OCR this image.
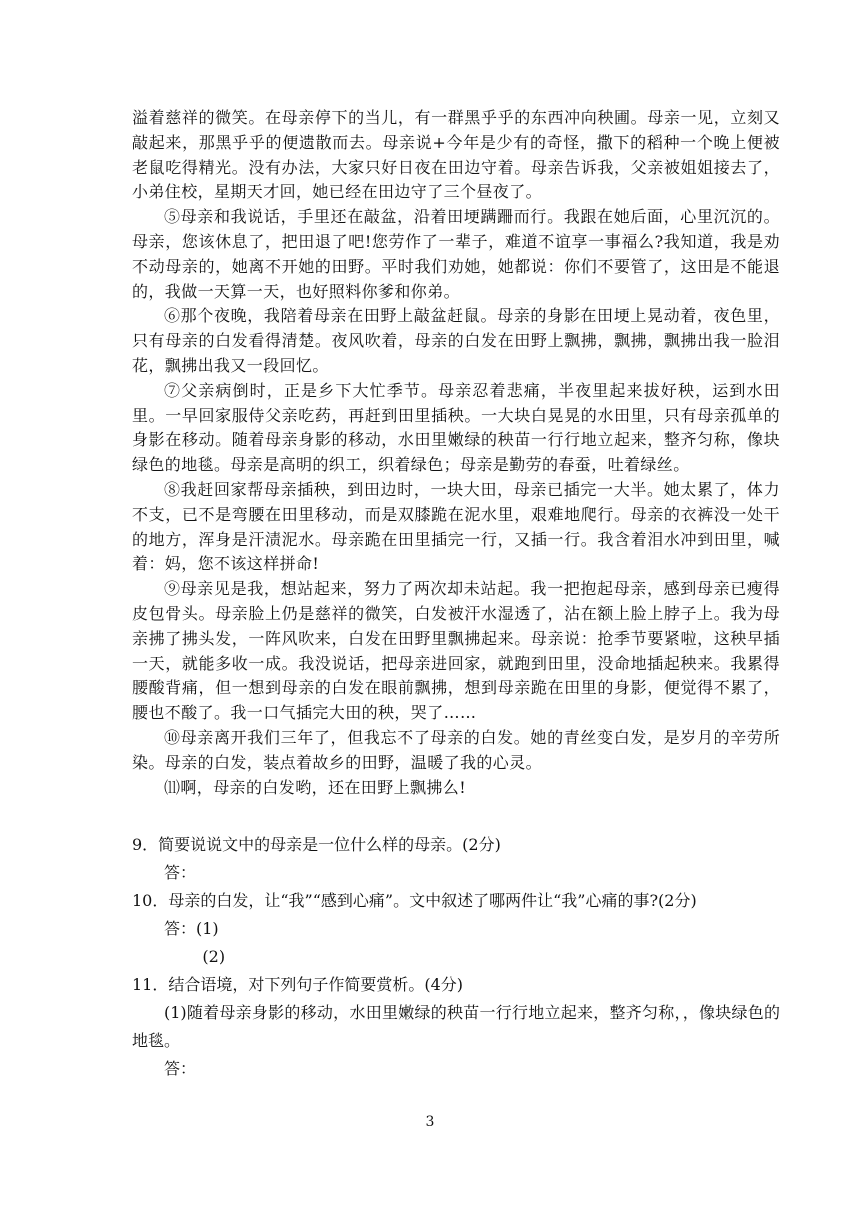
溢着慈祥的微笑。在母亲停下的当儿，有一群黑乎乎的东西冲向秧圃。母亲一见，立刻又敲起来，那黑乎乎的便遗散而去。母亲说+今年是少有的奇怪，撒下的稻种一个晚上便被老鼠吃得精光。没有办法，大家只好日夜在田边守着。母亲告诉我，父亲被姐姐接去了，小弟住校，星期天才回，她已经在田边守了三个昼夜了。

⑤母亲和我说话，手里还在敲盆，沿着田埂蹒跚而行。我跟在她后面，心里沉沉的。母亲，您该休息了，把田退了吧!您劳作了一辈子，难道不谊享一事福么?我知道，我是劝不动母亲的，她离不开她的田野。平时我们劝她，她都说：你们不要管了，这田是不能退的，我做一天算一天，也好照料你爹和你弟。

⑥那个夜晚，我陪着母亲在田野上敲盆赶鼠。母亲的身影在田埂上晃动着，夜色里，只有母亲的白发看得清楚。夜风吹着，母亲的白发在田野上飘拂，飘拂，飘拂出我一脸泪花，飘拂出我又一段回忆。

⑦父亲病倒时，正是乡下大忙季节。母亲忍着悲痛，半夜里起来拔好秧，运到水田里。一早回家服侍父亲吃药，再赶到田里插秧。一大块白晃晃的水田里，只有母亲孤单的身影在移动。随着母亲身影的移动，水田里嫩绿的秧苗一行行地立起来，整齐匀称，像块绿色的地毯。母亲是高明的织工，织着绿色；母亲是勤劳的春蚕，吐着绿丝。

⑧我赶回家帮母亲插秧，到田边时，一块大田，母亲已插完一大半。她太累了，体力不支，已不是弯腰在田里移动，而是双膝跪在泥水里，艰难地爬行。母亲的衣裤没一处干的地方，浑身是汗渍泥水。母亲跪在田里插完一行，又插一行。我含着泪水冲到田里，喊着：妈，您不该这样拼命!

⑨母亲见是我，想站起来，努力了两次却未站起。我一把抱起母亲，感到母亲已瘦得皮包骨头。母亲脸上仍是慈祥的微笑，白发被汗水湿透了，沾在额上脸上脖子上。我为母亲拂了拂头发，一阵风吹来，白发在田野里飘拂起来。母亲说：抢季节要紧啦，这秧早插一天，就能多收一成。我没说话，把母亲进回家，就跑到田里，没命地插起秧来。我累得腰酸背痛，但一想到母亲的白发在眼前飘拂，想到母亲跪在田里的身影，便觉得不累了，腰也不酸了。我一口气插完大田的秧，哭了……

⑩母亲离开我们三年了，但我忘不了母亲的白发。她的青丝变白发，是岁月的辛劳所染。母亲的白发，装点着故乡的田野，温暖了我的心灵。

⑾啊，母亲的白发哟，还在田野上飘拂么!

9．简要说说文中的母亲是一位什么样的母亲。(2分)

答：

10．母亲的白发，让“我”“感到心痛”。文中叙述了哪两件让“我”心痛的事?(2分)

答：(1)

(2)

11．结合语境，对下列句子作简要赏析。(4分)

(1)随着母亲身影的移动，水田里嫩绿的秧苗一行行地立起来，整齐匀称，，像块绿色的地毯。

答：

3
